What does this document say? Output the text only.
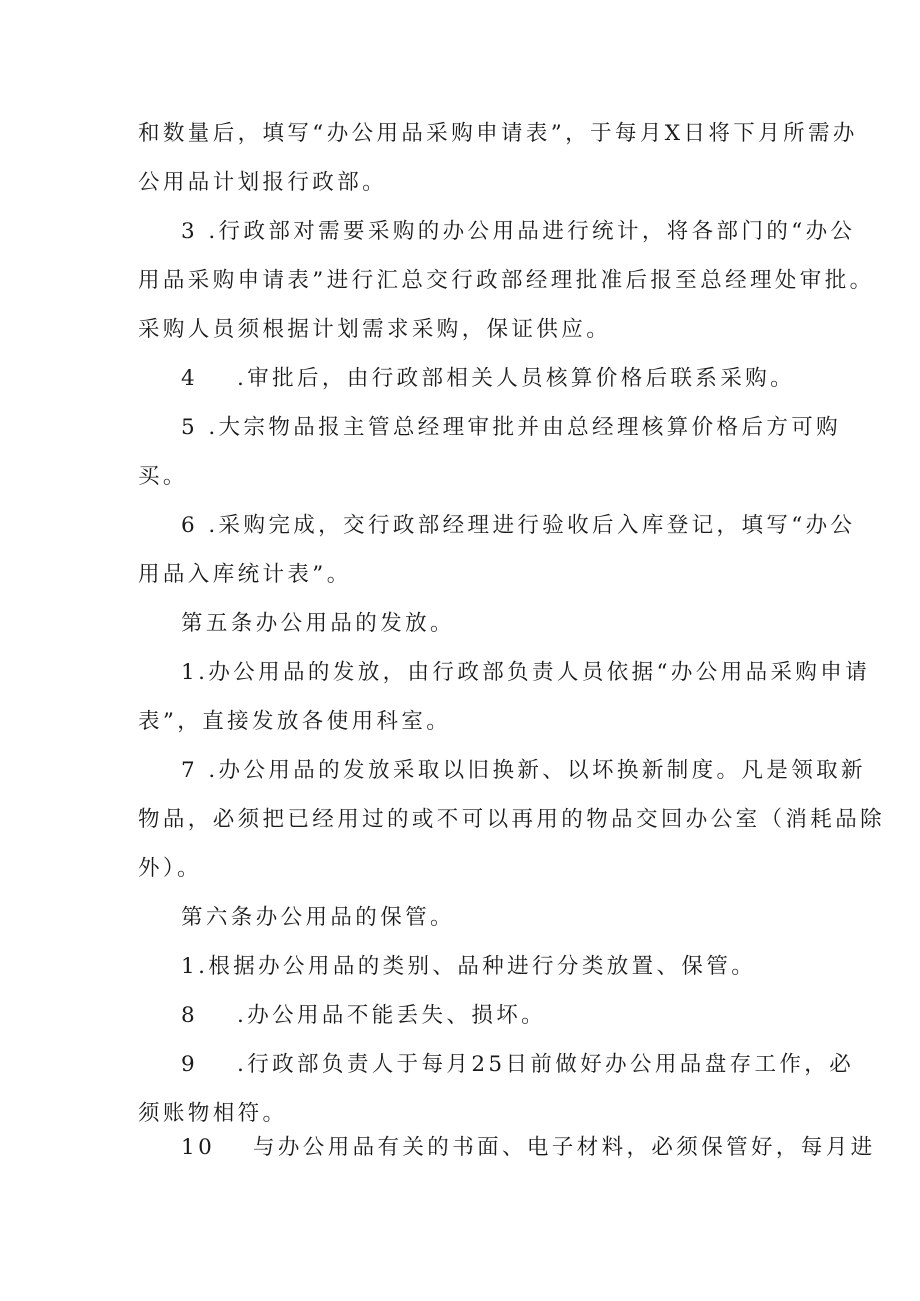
和数量后，填写“办公用品采购申请表”，于每月X日将下月所需办
公用品计划报行政部。
3 .行政部对需要采购的办公用品进行统计，将各部门的“办公
用品采购申请表”进行汇总交行政部经理批准后报至总经理处审批。
采购人员须根据计划需求采购，保证供应。
4 .审批后，由行政部相关人员核算价格后联系采购。
5 .大宗物品报主管总经理审批并由总经理核算价格后方可购
买。
6 .采购完成，交行政部经理进行验收后入库登记，填写“办公
用品入库统计表”。
第五条办公用品的发放。
1.办公用品的发放，由行政部负责人员依据“办公用品采购申请
表”，直接发放各使用科室。
7 .办公用品的发放采取以旧换新、以坏换新制度。凡是领取新
物品，必须把已经用过的或不可以再用的物品交回办公室（消耗品除
外）。
第六条办公用品的保管。
1.根据办公用品的类别、品种进行分类放置、保管。
8 .办公用品不能丢失、损坏。
9 .行政部负责人于每月25日前做好办公用品盘存工作，必
须账物相符。
10 与办公用品有关的书面、电子材料，必须保管好，每月进
